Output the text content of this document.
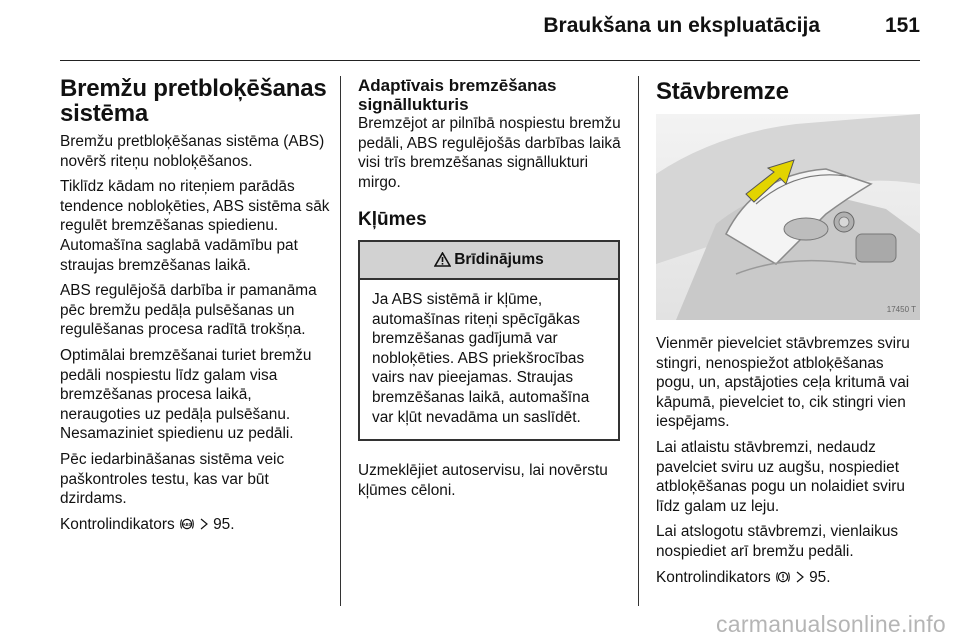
Braukšana un ekspluatācija	151
Bremžu pretbloķēšanas sistēma

Bremžu pretbloķēšanas sistēma (ABS) novērš riteņu nobloķēšanos.

Tiklīdz kādam no riteņiem parādās tendence nobloķēties, ABS sistēma sāk regulēt bremzēšanas spiedienu. Automašīna saglabā vadāmību pat straujas bremzēšanas laikā.

ABS regulējošā darbība ir pamanāma pēc bremžu pedāļa pulsēšanas un regulēšanas procesa radītā trokšņa.

Optimālai bremzēšanai turiet bremžu pedāli nospiestu līdz galam visa bremzēšanas procesa laikā, neraugoties uz pedāļa pulsēšanu. Nesamaziniet spiedienu uz pedāli.

Pēc iedarbināšanas sistēma veic paškontroles testu, kas var būt dzirdams.

Kontrolindikators ABS 95.

Adaptīvais bremzēšanas signāllukturis

Bremzējot ar pilnībā nospiestu bremžu pedāli, ABS regulējošās darbības laikā visi trīs bremzēšanas signāllukturi mirgo.

Kļūmes
Brīdinājums
Ja ABS sistēmā ir kļūme, automašīnas riteņi spēcīgākas bremzēšanas gadījumā var nobloķēties. ABS priekšrocības vairs nav pieejamas. Straujas bremzēšanas laikā, automašīna var kļūt nevadāma un saslīdēt.

Uzmeklējiet autoservisu, lai novērstu kļūmes cēloni.

Stāvbremze
17450 T

Vienmēr pievelciet stāvbremzes sviru stingri, nenospiežot atbloķēšanas pogu, un, apstājoties ceļa kritumā vai kāpumā, pievelciet to, cik stingri vien iespējams.

Lai atlaistu stāvbremzi, nedaudz pavelciet sviru uz augšu, nospiediet atbloķēšanas pogu un nolaidiet sviru līdz galam uz leju.

Lai atslogotu stāvbremzi, vienlaikus nospiediet arī bremžu pedāli.

Kontrolindikators 95.

carmanualsonline.info
